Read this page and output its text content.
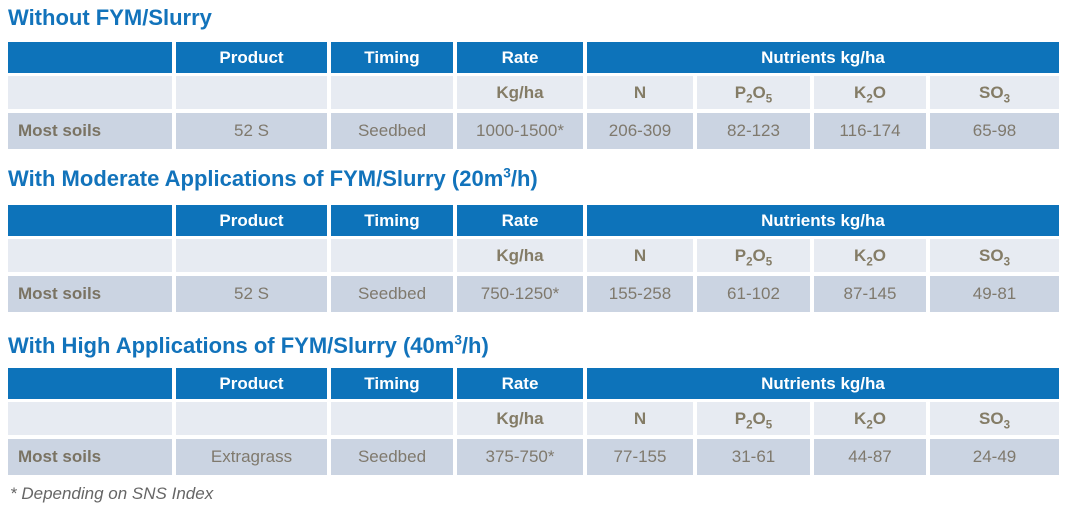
Without FYM/Slurry
	Product	Timing	Rate	Nutrients kg/ha			
			Kg/ha	N	$P_2O_5$	$K_2O$	$SO_3$
Most soils	52 S	Seedbed	1000-1500*	206-309	82-123	116-174	65-98
With Moderate Applications of FYM/Slurry $(20m^3/h)$
	Product	Timing	Rate	Nutrients kg/ha			
			Kg/ha	N	$P_2O_5$	$K_2O$	$SO_3$
Most soils	52 S	Seedbed	750-1250*	155-258	61-102	87-145	49-81
With High Applications of FYM/Slurry $(40m^3/h)$
	Product	Timing	Rate	Nutrients kg/ha			
			Kg/ha	N	$P_2O_5$	$K_2O$	$SO_3$
Most soils	Extragrass	Seedbed	375-750*	77-155	31-61	44-87	24-49
* Depending on SNS Index
